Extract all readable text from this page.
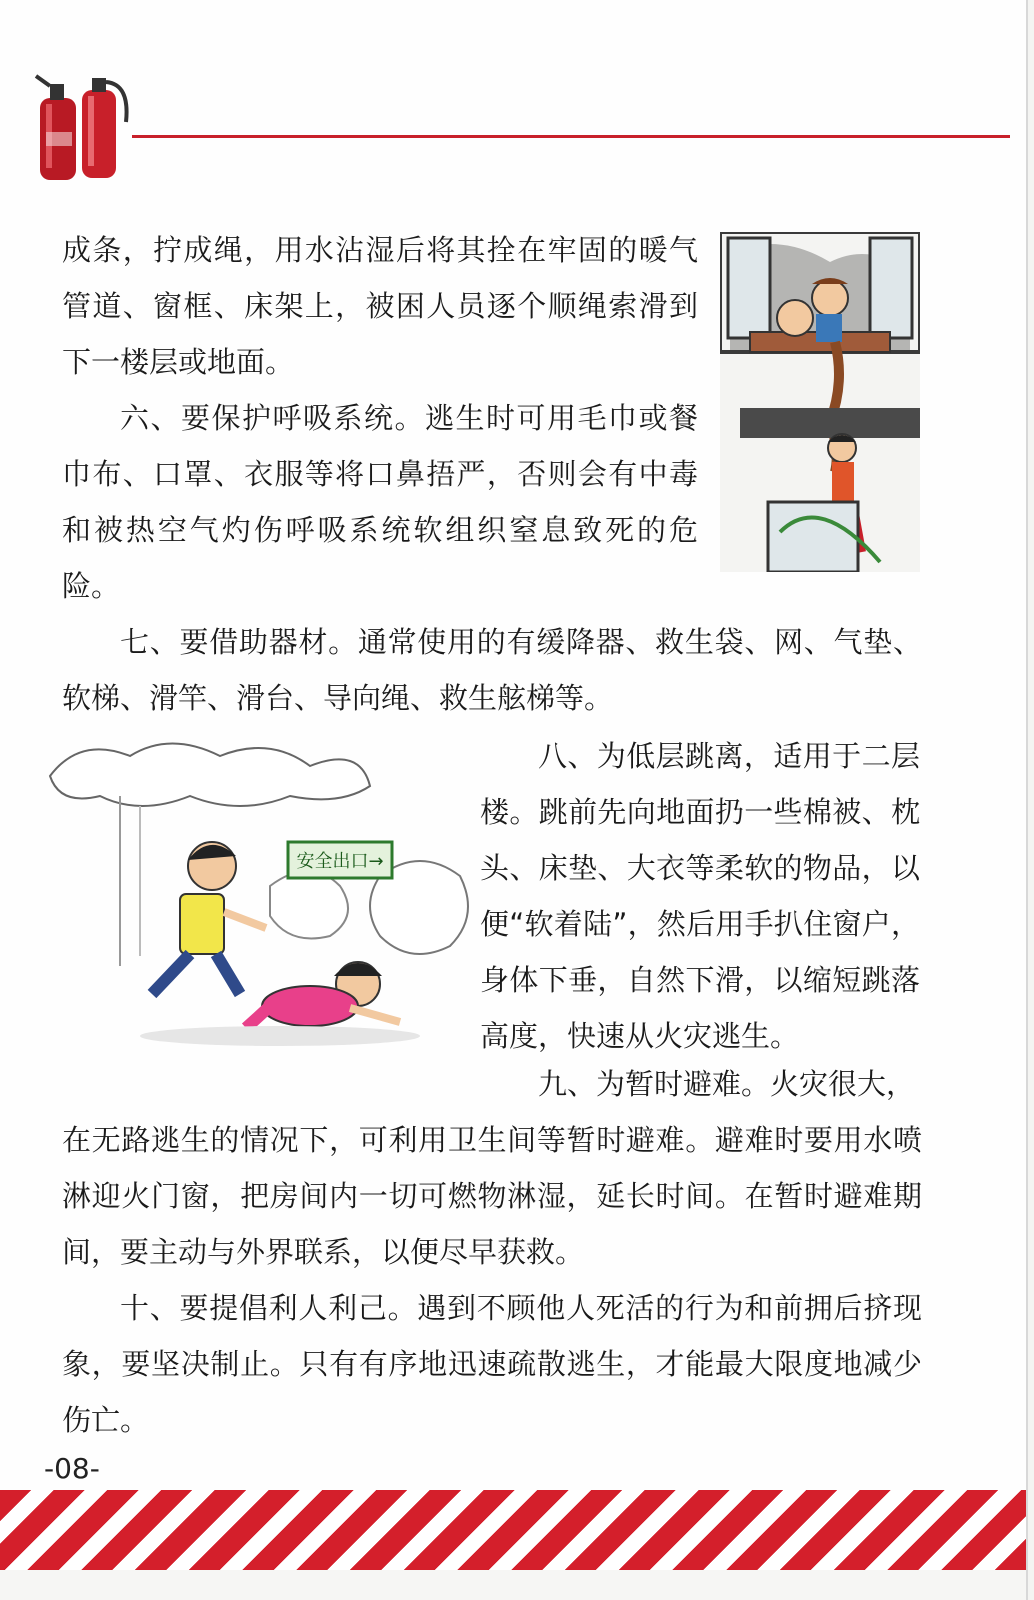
成条，拧成绳，用水沾湿后将其拴在牢固的暖气管道、窗框、床架上，被困人员逐个顺绳索滑到下一楼层或地面。

六、要保护呼吸系统。逃生时可用毛巾或餐巾布、口罩、衣服等将口鼻捂严，否则会有中毒和被热空气灼伤呼吸系统软组织窒息致死的危险。

七、要借助器材。通常使用的有缓降器、救生袋、网、气垫、软梯、滑竿、滑台、导向绳、救生舷梯等。

八、为低层跳离，适用于二层楼。跳前先向地面扔一些棉被、枕头、床垫、大衣等柔软的物品，以便“软着陆”，然后用手扒住窗户，身体下垂，自然下滑，以缩短跳落高度，快速从火灾逃生。

九、为暂时避难。火灾很大，

在无路逃生的情况下，可利用卫生间等暂时避难。避难时要用水喷淋迎火门窗，把房间内一切可燃物淋湿，延长时间。在暂时避难期间，要主动与外界联系，以便尽早获救。

十、要提倡利人利己。遇到不顾他人死活的行为和前拥后挤现象，要坚决制止。只有有序地迅速疏散逃生，才能最大限度地减少伤亡。

安全出口→
-08-
